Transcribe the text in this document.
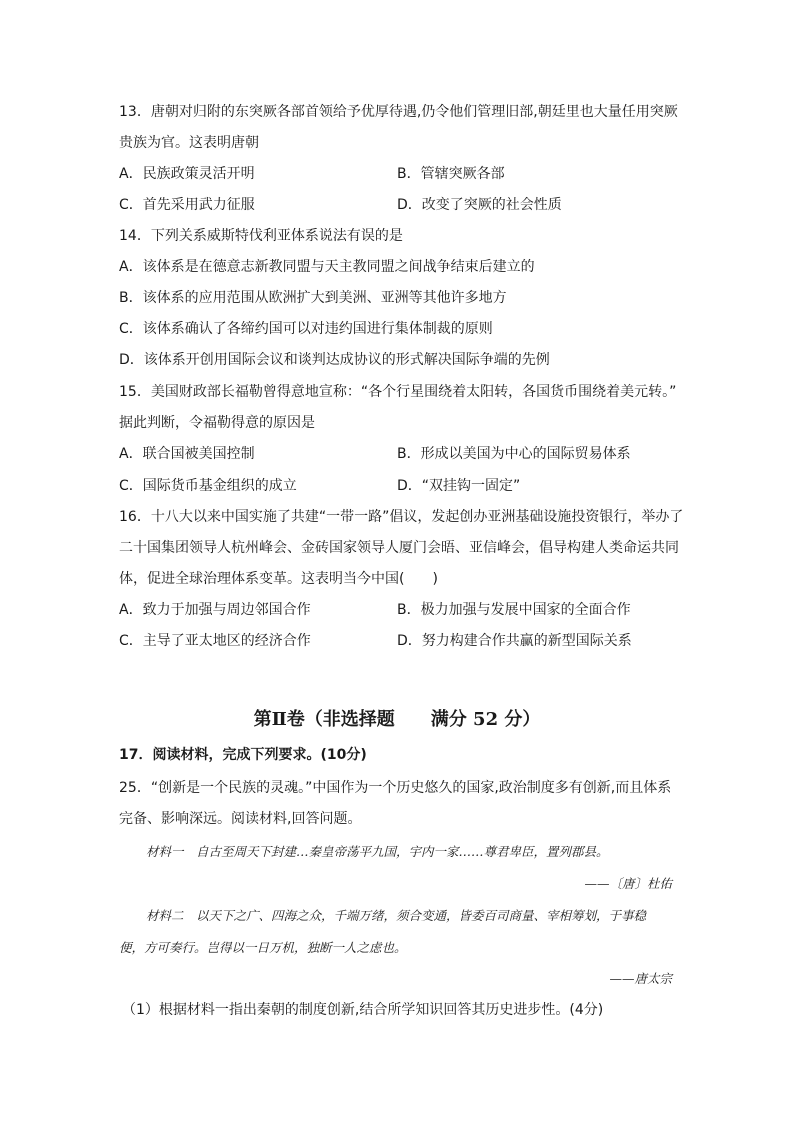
13．唐朝对归附的东突厥各部首领给予优厚待遇,仍令他们管理旧部,朝廷里也大量任用突厥
贵族为官。这表明唐朝
A．民族政策灵活开明	B．管辖突厥各部
C．首先采用武力征服	D．改变了突厥的社会性质
14．下列关系威斯特伐利亚体系说法有误的是
A．该体系是在德意志新教同盟与天主教同盟之间战争结束后建立的
B．该体系的应用范围从欧洲扩大到美洲、亚洲等其他许多地方
C．该体系确认了各缔约国可以对违约国进行集体制裁的原则
D．该体系开创用国际会议和谈判达成协议的形式解决国际争端的先例
15．美国财政部长福勒曾得意地宣称：“各个行星围绕着太阳转，各国货币围绕着美元转。”
据此判断，令福勒得意的原因是
A．联合国被美国控制	B．形成以美国为中心的国际贸易体系
C．国际货币基金组织的成立	D．“双挂钩一固定”
16．十八大以来中国实施了共建“一带一路”倡议，发起创办亚洲基础设施投资银行，举办了
二十国集团领导人杭州峰会、金砖国家领导人厦门会晤、亚信峰会，倡导构建人类命运共同
体，促进全球治理体系变革。这表明当今中国(　　)
A．致力于加强与周边邻国合作	B．极力加强与发展中国家的全面合作
C．主导了亚太地区的经济合作	D．努力构建合作共赢的新型国际关系
第Ⅱ卷（非选择题　　满分 52 分）
17．阅读材料，完成下列要求。(10分)
25．“创新是一个民族的灵魂。”中国作为一个历史悠久的国家,政治制度多有创新,而且体系
完备、影响深远。阅读材料,回答问题。
材料一　自古至周天下封建…秦皇帝荡平九国，宇内一家……尊君卑臣，置列郡县。
——〔唐〕杜佑
材料二　以天下之广、四海之众，千端万绪，须合变通，皆委百司商量、宰相筹划，于事稳
便，方可奏行。岂得以一日万机，独断一人之虑也。
——唐太宗
（1）根据材料一指出秦朝的制度创新,结合所学知识回答其历史进步性。(4分)
